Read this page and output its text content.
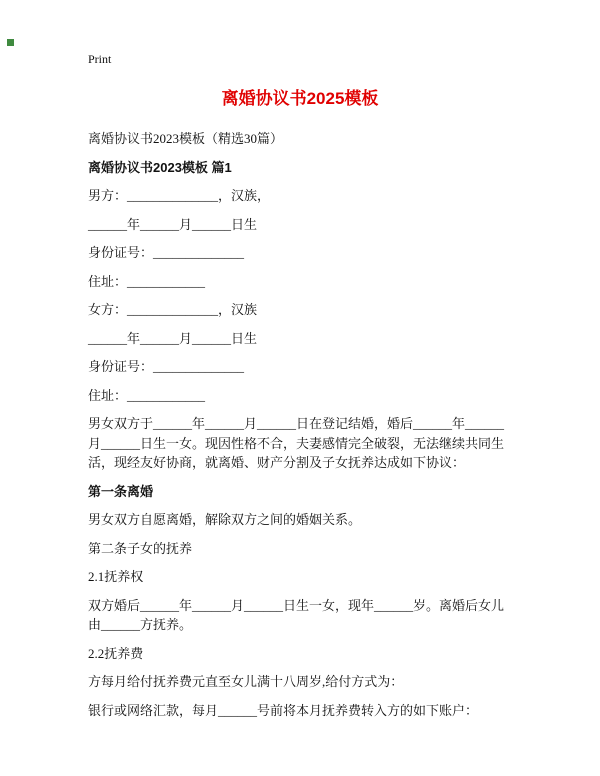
Print
离婚协议书2025模板

离婚协议书2023模板（精选30篇）

离婚协议书2023模板 篇1

男方：______________，汉族，

______年______月______日生

身份证号：______________

住址：____________

女方：______________，汉族

______年______月______日生

身份证号：______________

住址：____________

男女双方于______年______月______日在登记结婚，婚后______年______月______日生一女。现因性格不合，夫妻感情完全破裂，无法继续共同生活，现经友好协商，就离婚、财产分割及子女抚养达成如下协议：

第一条离婚

男女双方自愿离婚，解除双方之间的婚姻关系。

第二条子女的抚养

2.1抚养权

双方婚后______年______月______日生一女，现年______岁。离婚后女儿由______方抚养。

2.2抚养费

方每月给付抚养费元直至女儿满十八周岁,给付方式为：

银行或网络汇款，每月______号前将本月抚养费转入方的如下账户：
